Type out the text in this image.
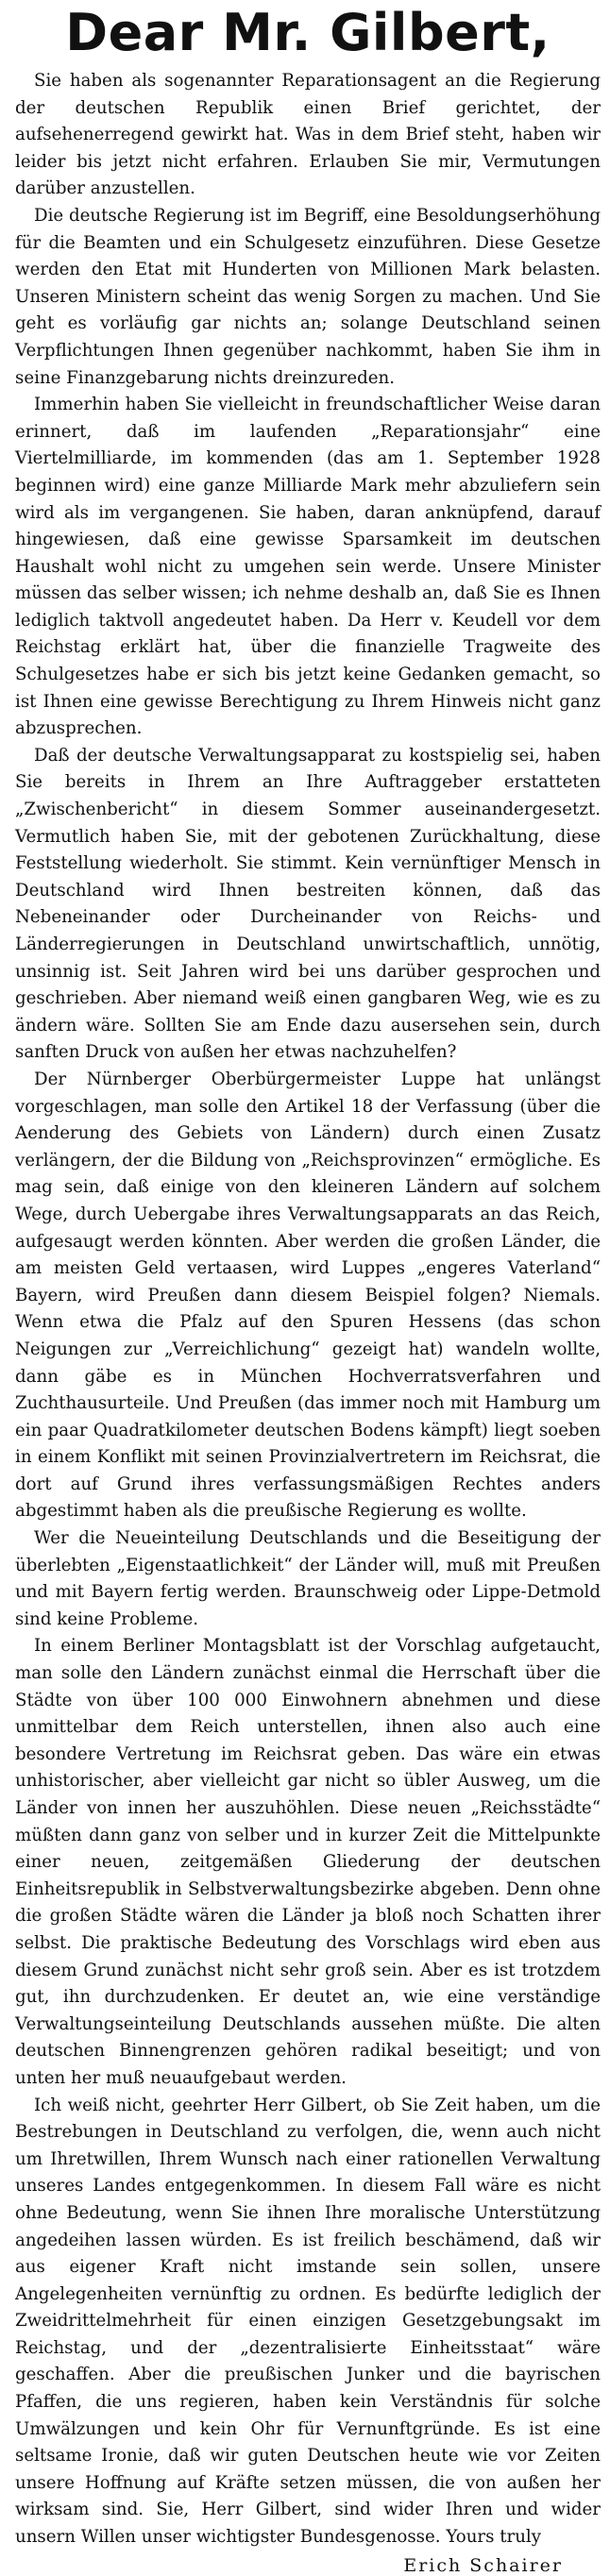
Dear Mr. Gilbert,

Sie haben als sogenannter Reparationsagent an die Regierung der deutschen Republik einen Brief gerichtet, der aufsehenerregend gewirkt hat. Was in dem Brief steht, haben wir leider bis jetzt nicht erfahren. Erlauben Sie mir, Vermutungen darüber anzustellen.

Die deutsche Regierung ist im Begriff, eine Besoldungserhöhung für die Beamten und ein Schulgesetz einzuführen. Diese Gesetze werden den Etat mit Hunderten von Millionen Mark belasten. Unseren Ministern scheint das wenig Sorgen zu machen. Und Sie geht es vorläufig gar nichts an; solange Deutschland seinen Verpflichtungen Ihnen gegenüber nachkommt, haben Sie ihm in seine Finanzgebarung nichts dreinzureden.

Immerhin haben Sie vielleicht in freundschaftlicher Weise daran erinnert, daß im laufenden „Reparationsjahr“ eine Viertelmilliarde, im kommenden (das am 1. September 1928 beginnen wird) eine ganze Milliarde Mark mehr abzuliefern sein wird als im vergangenen. Sie haben, daran anknüpfend, darauf hingewiesen, daß eine gewisse Sparsamkeit im deutschen Haushalt wohl nicht zu umgehen sein werde. Unsere Minister müssen das selber wissen; ich nehme deshalb an, daß Sie es Ihnen lediglich taktvoll angedeutet haben. Da Herr v. Keudell vor dem Reichstag erklärt hat, über die finanzielle Tragweite des Schulgesetzes habe er sich bis jetzt keine Gedanken gemacht, so ist Ihnen eine gewisse Berechtigung zu Ihrem Hinweis nicht ganz abzusprechen.

Daß der deutsche Verwaltungsapparat zu kostspielig sei, haben Sie bereits in Ihrem an Ihre Auftraggeber erstatteten „Zwischenbericht“ in diesem Sommer auseinandergesetzt. Vermutlich haben Sie, mit der gebotenen Zurückhaltung, diese Feststellung wiederholt. Sie stimmt. Kein vernünftiger Mensch in Deutschland wird Ihnen bestreiten können, daß das Nebeneinander oder Durcheinander von Reichs- und Länderregierungen in Deutschland unwirtschaftlich, unnötig, unsinnig ist. Seit Jahren wird bei uns darüber gesprochen und geschrieben. Aber niemand weiß einen gangbaren Weg, wie es zu ändern wäre. Sollten Sie am Ende dazu ausersehen sein, durch sanften Druck von außen her etwas nachzuhelfen?

Der Nürnberger Oberbürgermeister Luppe hat unlängst vorgeschlagen, man solle den Artikel 18 der Verfassung (über die Aenderung des Gebiets von Ländern) durch einen Zusatz verlängern, der die Bildung von „Reichsprovinzen“ ermögliche. Es mag sein, daß einige von den kleineren Ländern auf solchem Wege, durch Uebergabe ihres Verwaltungsapparats an das Reich, aufgesaugt werden könnten. Aber werden die großen Länder, die am meisten Geld vertaasen, wird Luppes „engeres Vaterland“ Bayern, wird Preußen dann diesem Beispiel folgen? Niemals. Wenn etwa die Pfalz auf den Spuren Hessens (das schon Neigungen zur „Verreichlichung“ gezeigt hat) wandeln wollte, dann gäbe es in München Hochverratsverfahren und Zuchthausurteile. Und Preußen (das immer noch mit Hamburg um ein paar Quadratkilometer deutschen Bodens kämpft) liegt soeben in einem Konflikt mit seinen Provinzialvertretern im Reichsrat, die dort auf Grund ihres verfassungsmäßigen Rechtes anders abgestimmt haben als die preußische Regierung es wollte.

Wer die Neueinteilung Deutschlands und die Beseitigung der überlebten „Eigenstaatlichkeit“ der Länder will, muß mit Preußen und mit Bayern fertig werden. Braunschweig oder Lippe-Detmold sind keine Probleme.

In einem Berliner Montagsblatt ist der Vorschlag aufgetaucht, man solle den Ländern zunächst einmal die Herrschaft über die Städte von über 100 000 Einwohnern abnehmen und diese unmittelbar dem Reich unterstellen, ihnen also auch eine besondere Vertretung im Reichsrat geben. Das wäre ein etwas unhistorischer, aber vielleicht gar nicht so übler Ausweg, um die Länder von innen her auszuhöhlen. Diese neuen „Reichsstädte“ müßten dann ganz von selber und in kurzer Zeit die Mittelpunkte einer neuen, zeitgemäßen Gliederung der deutschen Einheitsrepublik in Selbstverwaltungsbezirke abgeben. Denn ohne die großen Städte wären die Länder ja bloß noch Schatten ihrer selbst. Die praktische Bedeutung des Vorschlags wird eben aus diesem Grund zunächst nicht sehr groß sein. Aber es ist trotzdem gut, ihn durchzudenken. Er deutet an, wie eine verständige Verwaltungseinteilung Deutschlands aussehen müßte. Die alten deutschen Binnengrenzen gehören radikal beseitigt; und von unten her muß neuaufgebaut werden.

Ich weiß nicht, geehrter Herr Gilbert, ob Sie Zeit haben, um die Bestrebungen in Deutschland zu verfolgen, die, wenn auch nicht um Ihretwillen, Ihrem Wunsch nach einer rationellen Verwaltung unseres Landes entgegenkommen. In diesem Fall wäre es nicht ohne Bedeutung, wenn Sie ihnen Ihre moralische Unterstützung angedeihen lassen würden. Es ist freilich beschämend, daß wir aus eigener Kraft nicht imstande sein sollen, unsere Angelegenheiten vernünftig zu ordnen. Es bedürfte lediglich der Zweidrittelmehrheit für einen einzigen Gesetzgebungsakt im Reichstag, und der „dezentralisierte Einheitsstaat“ wäre geschaffen. Aber die preußischen Junker und die bayrischen Pfaffen, die uns regieren, haben kein Verständnis für solche Umwälzungen und kein Ohr für Vernunftgründe. Es ist eine seltsame Ironie, daß wir guten Deutschen heute wie vor Zeiten unsere Hoffnung auf Kräfte setzen müssen, die von außen her wirksam sind. Sie, Herr Gilbert, sind wider Ihren und wider unsern Willen unser wichtigster Bundesgenosse. Yours truly

Erich Schairer
